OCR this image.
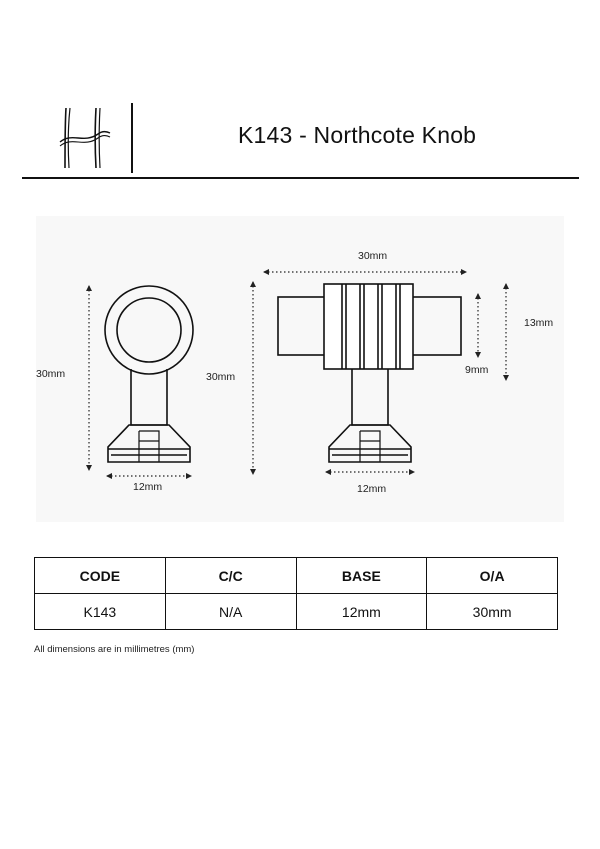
K143 - Northcote Knob
30mm
12mm
30mm
30mm
13mm
9mm
12mm
CODE	C/C	BASE	O/A
K143	N/A	12mm	30mm
All dimensions are in millimetres (mm)
